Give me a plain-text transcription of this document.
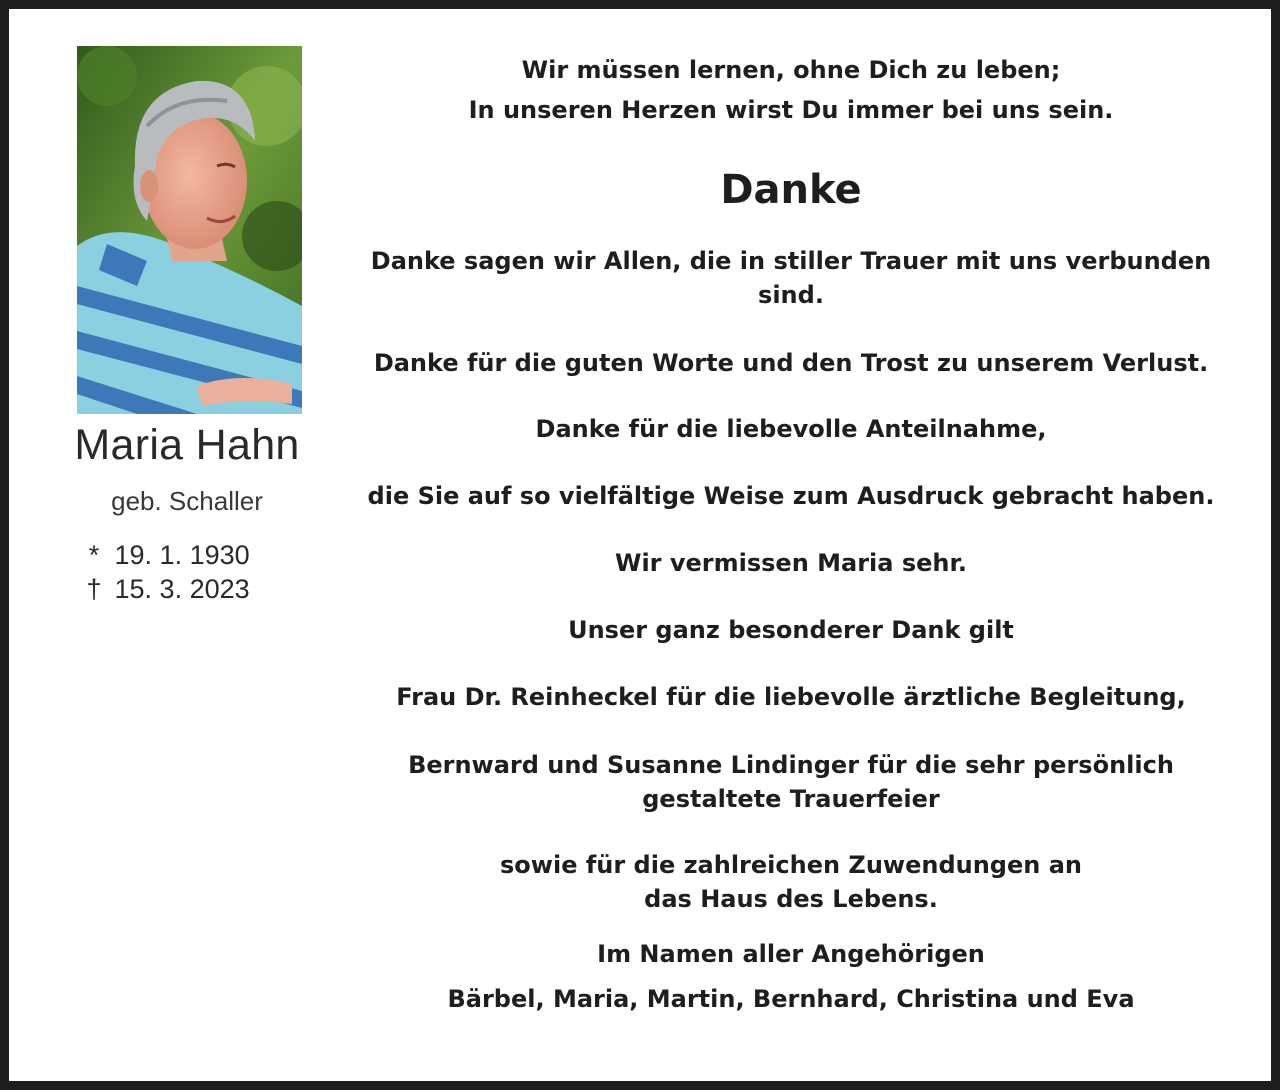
Maria Hahn
geb. Schaller
* 19. 1. 1930
† 15. 3. 2023
Wir müssen lernen, ohne Dich zu leben;
In unseren Herzen wirst Du immer bei uns sein.
Danke
Danke sagen wir Allen, die in stiller Trauer mit uns verbunden sind.
Danke für die guten Worte und den Trost zu unserem Verlust.
Danke für die liebevolle Anteilnahme,
die Sie auf so vielfältige Weise zum Ausdruck gebracht haben.
Wir vermissen Maria sehr.
Unser ganz besonderer Dank gilt
Frau Dr. Reinheckel für die liebevolle ärztliche Begleitung,
Bernward und Susanne Lindinger für die sehr persönlich
gestaltete Trauerfeier
sowie für die zahlreichen Zuwendungen an
das Haus des Lebens.
Im Namen aller Angehörigen
Bärbel, Maria, Martin, Bernhard, Christina und Eva
